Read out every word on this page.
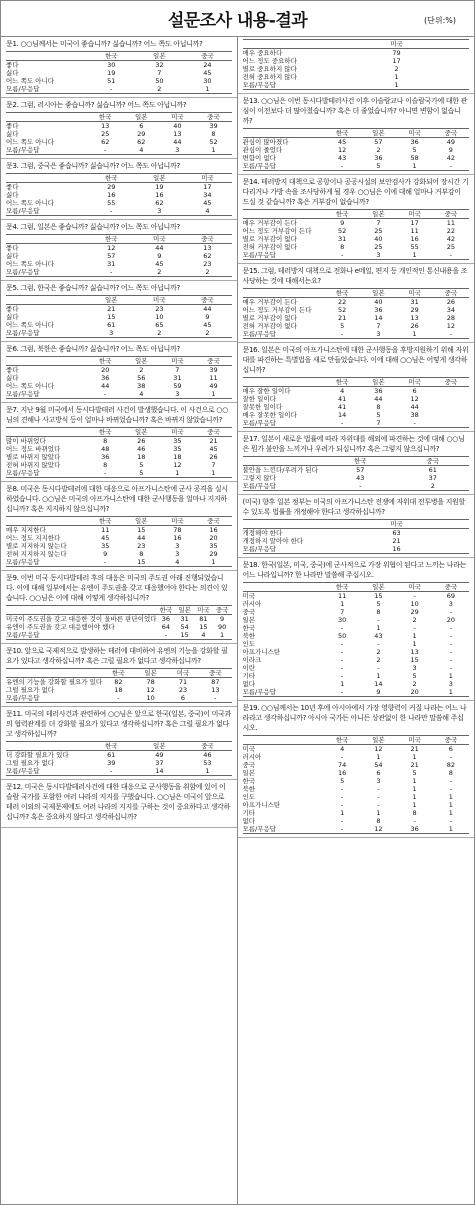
설문조사 내용-결과	(단위:%)
문1. ○○님께서는 미국이 좋습니까? 싫습니까? 어느 쪽도 아닙니까?
	한국	일본	중국
좋다	30	32	24
싫다	19	7	45
어느 쪽도 아니다	51	50	30
모름/무응답	-	2	1
문2. 그럼, 러시아는 좋습니까? 싫습니까? 어느 쪽도 아닙니까?
	한국	일본	미국	중국
좋다	13	6	40	39
싫다	25	29	13	8
어느 쪽도 아니다	62	62	44	52
모름/무응답	-	4	3	1
문3. 그럼, 중국은 좋습니까? 싫습니까? 어느 쪽도 아닙니까?
	한국	일본	미국
좋다	29	19	17
싫다	16	16	34
어느 쪽도 아니다	55	62	45
모름/무응답	-	3	4
문4. 그럼, 일본은 좋습니까? 싫습니까? 어느 쪽도 아닙니까?
	한국	미국	중국
좋다	12	44	13
싫다	57	9	62
어느 쪽도 아니다	31	45	23
모름/무응답	-	2	2
문5. 그럼, 한국은 좋습니까? 싫습니까? 어느 쪽도 아닙니까?
	일본	미국	중국
좋다	21	23	44
싫다	15	10	9
어느 쪽도 아니다	61	65	45
모름/무응답	3	2	2
문6. 그럼, 북한은 좋습니까? 싫습니까? 어느 쪽도 아닙니까?
	한국	일본	미국	중국
좋다	20	2	7	39
싫다	36	56	31	11
어느 쪽도 아니다	44	38	59	49
모름/무응답	-	4	3	1
문7. 지난 9월 미국에서 동시다발테러 사건이 발생했습니다. 이 사건으로 ○○님의 견해나 사고방식 등이 얼마나 바뀌었습니까? 혹은 바뀌지 않았습니까?
	한국	일본	미국	중국
많이 바뀌었다	8	26	35	21
어느 정도 바뀌었다	48	46	35	45
별로 바뀌지 않았다	36	18	18	26
전혀 바뀌지 않았다	8	5	12	7
모름/무응답	-	5	1	1
문8. 미국은 동시다발테러에 대한 대응으로 아프가니스탄에 군사 공격을 실시하였습니다. ○○님은 미국의 아프가니스탄에 대한 군사행동을 얼마나 지지하십니까? 혹은 지지하지 않으십니까?
	한국	일본	미국	중국
매우 지지한다	11	15	78	16
어느 정도 지지한다	45	44	16	20
별로 지지하지 않는다	35	23	3	35
전혀 지지하지 않는다	9	8	3	29
모름/무응답	-	15	4	1
문9. 이번 미국 동시다발테러 후의 대응은 미국의 주도권 아래 진행되었습니다. 이에 대해 일부에서는 유엔이 주도권을 갖고 대응했어야 한다는 의견이 있습니다. ○○님은 이에 대해 어떻게 생각하십니까?
	한국	일본	미국	중국
미국이 주도권을 갖고 대응한 것이 올바른 판단이었다	36	31	81	9
유엔이 주도권을 갖고 대응했어야 했다	64	54	15	90
모름/무응답	-	15	4	1
문10. 앞으로 국제적으로 발생하는 테러에 대비하여 유엔의 기능을 강화할 필요가 있다고 생각하십니까? 혹은 그럴 필요가 없다고 생각하십니까?
	한국	일본	미국	중국
유엔의 기능을 강화할 필요가 있다	82	78	71	87
그럴 필요가 없다	18	12	23	13
모름/무응답	-	10	6	-
문11. 미국의 테러사건과 관련하여 ○○님은 앞으로 한국(일본, 중국)이 미국과의 협력관계를 더 강화할 필요가 있다고 생각하십니까? 혹은 그럴 필요가 없다고 생각하십니까?
	한국	일본	중국
더 강화할 필요가 있다	61	49	46
그럴 필요가 없다	39	37	53
모름/무응답	-	14	1
문12. 미국은 동시다발테러사건에 대한 대응으로 군사행동을 취함에 있어 이슬람 국가를 포함한 여러 나라의 지지를 구했습니다. ○○님은 미국이 앞으로 테러 이외의 국제문제에도 여러 나라의 지지를 구하는 것이 중요하다고 생각하십니까? 혹은 중요하지 않다고 생각하십니까?
	미국
매우 중요하다	79
어느 정도 중요하다	17
별로 중요하지 않다	2
전혀 중요하지 않다	1
모름/무응답	1
문13. ○○님은 이번 동시다발테러사건 이후 이슬람교나 이슬람국가에 대한 관심이 이전보다 더 많아졌습니까? 혹은 더 줄었습니까? 아니면 변함이 없습니까?
	한국	일본	미국	중국
관심이 많아졌다	45	57	36	49
관심이 줄었다	12	2	5	9
변함이 없다	43	36	58	42
모름/무응답	-	5	1	-
문14. 테러방지 대책으로 공항이나 공공시설의 보안검사가 강화되어 장시간 기다리거나 가방 속을 조사당하게 될 경우 ○○님은 이에 대해 얼마나 거부감이 드실 것 같습니까? 혹은 거부감이 없습니까?
	한국	일본	미국	중국
매우 거부감이 든다	9	7	17	11
어느 정도 거부감이 든다	52	25	11	22
별로 거부감이 없다	31	40	16	42
전혀 거부감이 없다	8	25	55	25
모름/무응답	-	3	1	-
문15. 그럼, 테러방지 대책으로 전화나 e메일, 편지 등 개인적인 통신내용을 조사당하는 것에 대해서는요?
	한국	일본	미국	중국
매우 거부감이 든다	22	40	31	26
어느 정도 거부감이 든다	52	36	29	34
별로 거부감이 없다	21	14	13	28
전혀 거부감이 없다	5	7	26	12
모름/무응답	-	3	1	-
문16. 일본은 미국의 아프가니스탄에 대한 군사행동을 후방지원하기 위해 자위대를 파견하는 특별법을 새로 만들었습니다. 이에 대해 ○○님은 어떻게 생각하십니까?
	한국	일본	미국	중국
매우 잘한 일이다	4	36	6	
잘한 일이다	41	44	12	
잘못한 일이다	41	8	44	
매우 잘못한 일이다	14	5	38	
모름/무응답	-	7	-	
문17. 일본이 새로운 법률에 따라 자위대를 해외에 파견하는 것에 대해 ○○님은 뭔가 불안을 느끼거나 우려가 되십니까? 혹은 그렇지 않으십니까?
	한국	중국
불안을 느낀다/우려가 된다	57	61
그렇지 않다	43	37
모름/무응답	-	2
(미국) 향후 일본 정부는 미국의 아프가니스탄 전쟁에 자위대 전투병을 지원할 수 있도록 법률을 개정해야 한다고 생각하십니까?
	미국
개정해야 한다	63
개정하지 말아야 한다	21
모름/무응답	16
문18. 한국(일본, 미국, 중국)에 군사적으로 가장 위협이 된다고 느끼는 나라는 어느 나라입니까? 한 나라만 말씀해 주십시오.
	한국	일본	미국	중국
미국	11	15	-	69
러시아	1	5	10	3
중국	7	8	29	-
일본	30	-	2	20
한국	-	1	-	-
북한	50	43	1	-
인도	-	-	1	-
아프가니스탄	-	2	13	-
이라크	-	2	15	-
이란	-	-	3	-
기타	-	1	5	1
없다	1	14	2	3
모름/무응답	-	9	20	1
문19. ○○님께서는 10년 후에 아시아에서 가장 영향력이 커질 나라는 어느 나라라고 생각하십니까? 아시아 국가든 아니든 상관없이 한 나라만 말씀해 주십시오.
	한국	일본	미국	중국
미국	4	12	21	6
러시아	-	1	1	-
중국	74	54	21	82
일본	16	6	5	8
한국	5	3	1	-
북한	-	-	1	-
인도	-	-	1	1
아프가니스탄	-	-	1	1
기타	1	1	8	1
없다	-	8	-	-
모름/무응답	-	12	36	1
